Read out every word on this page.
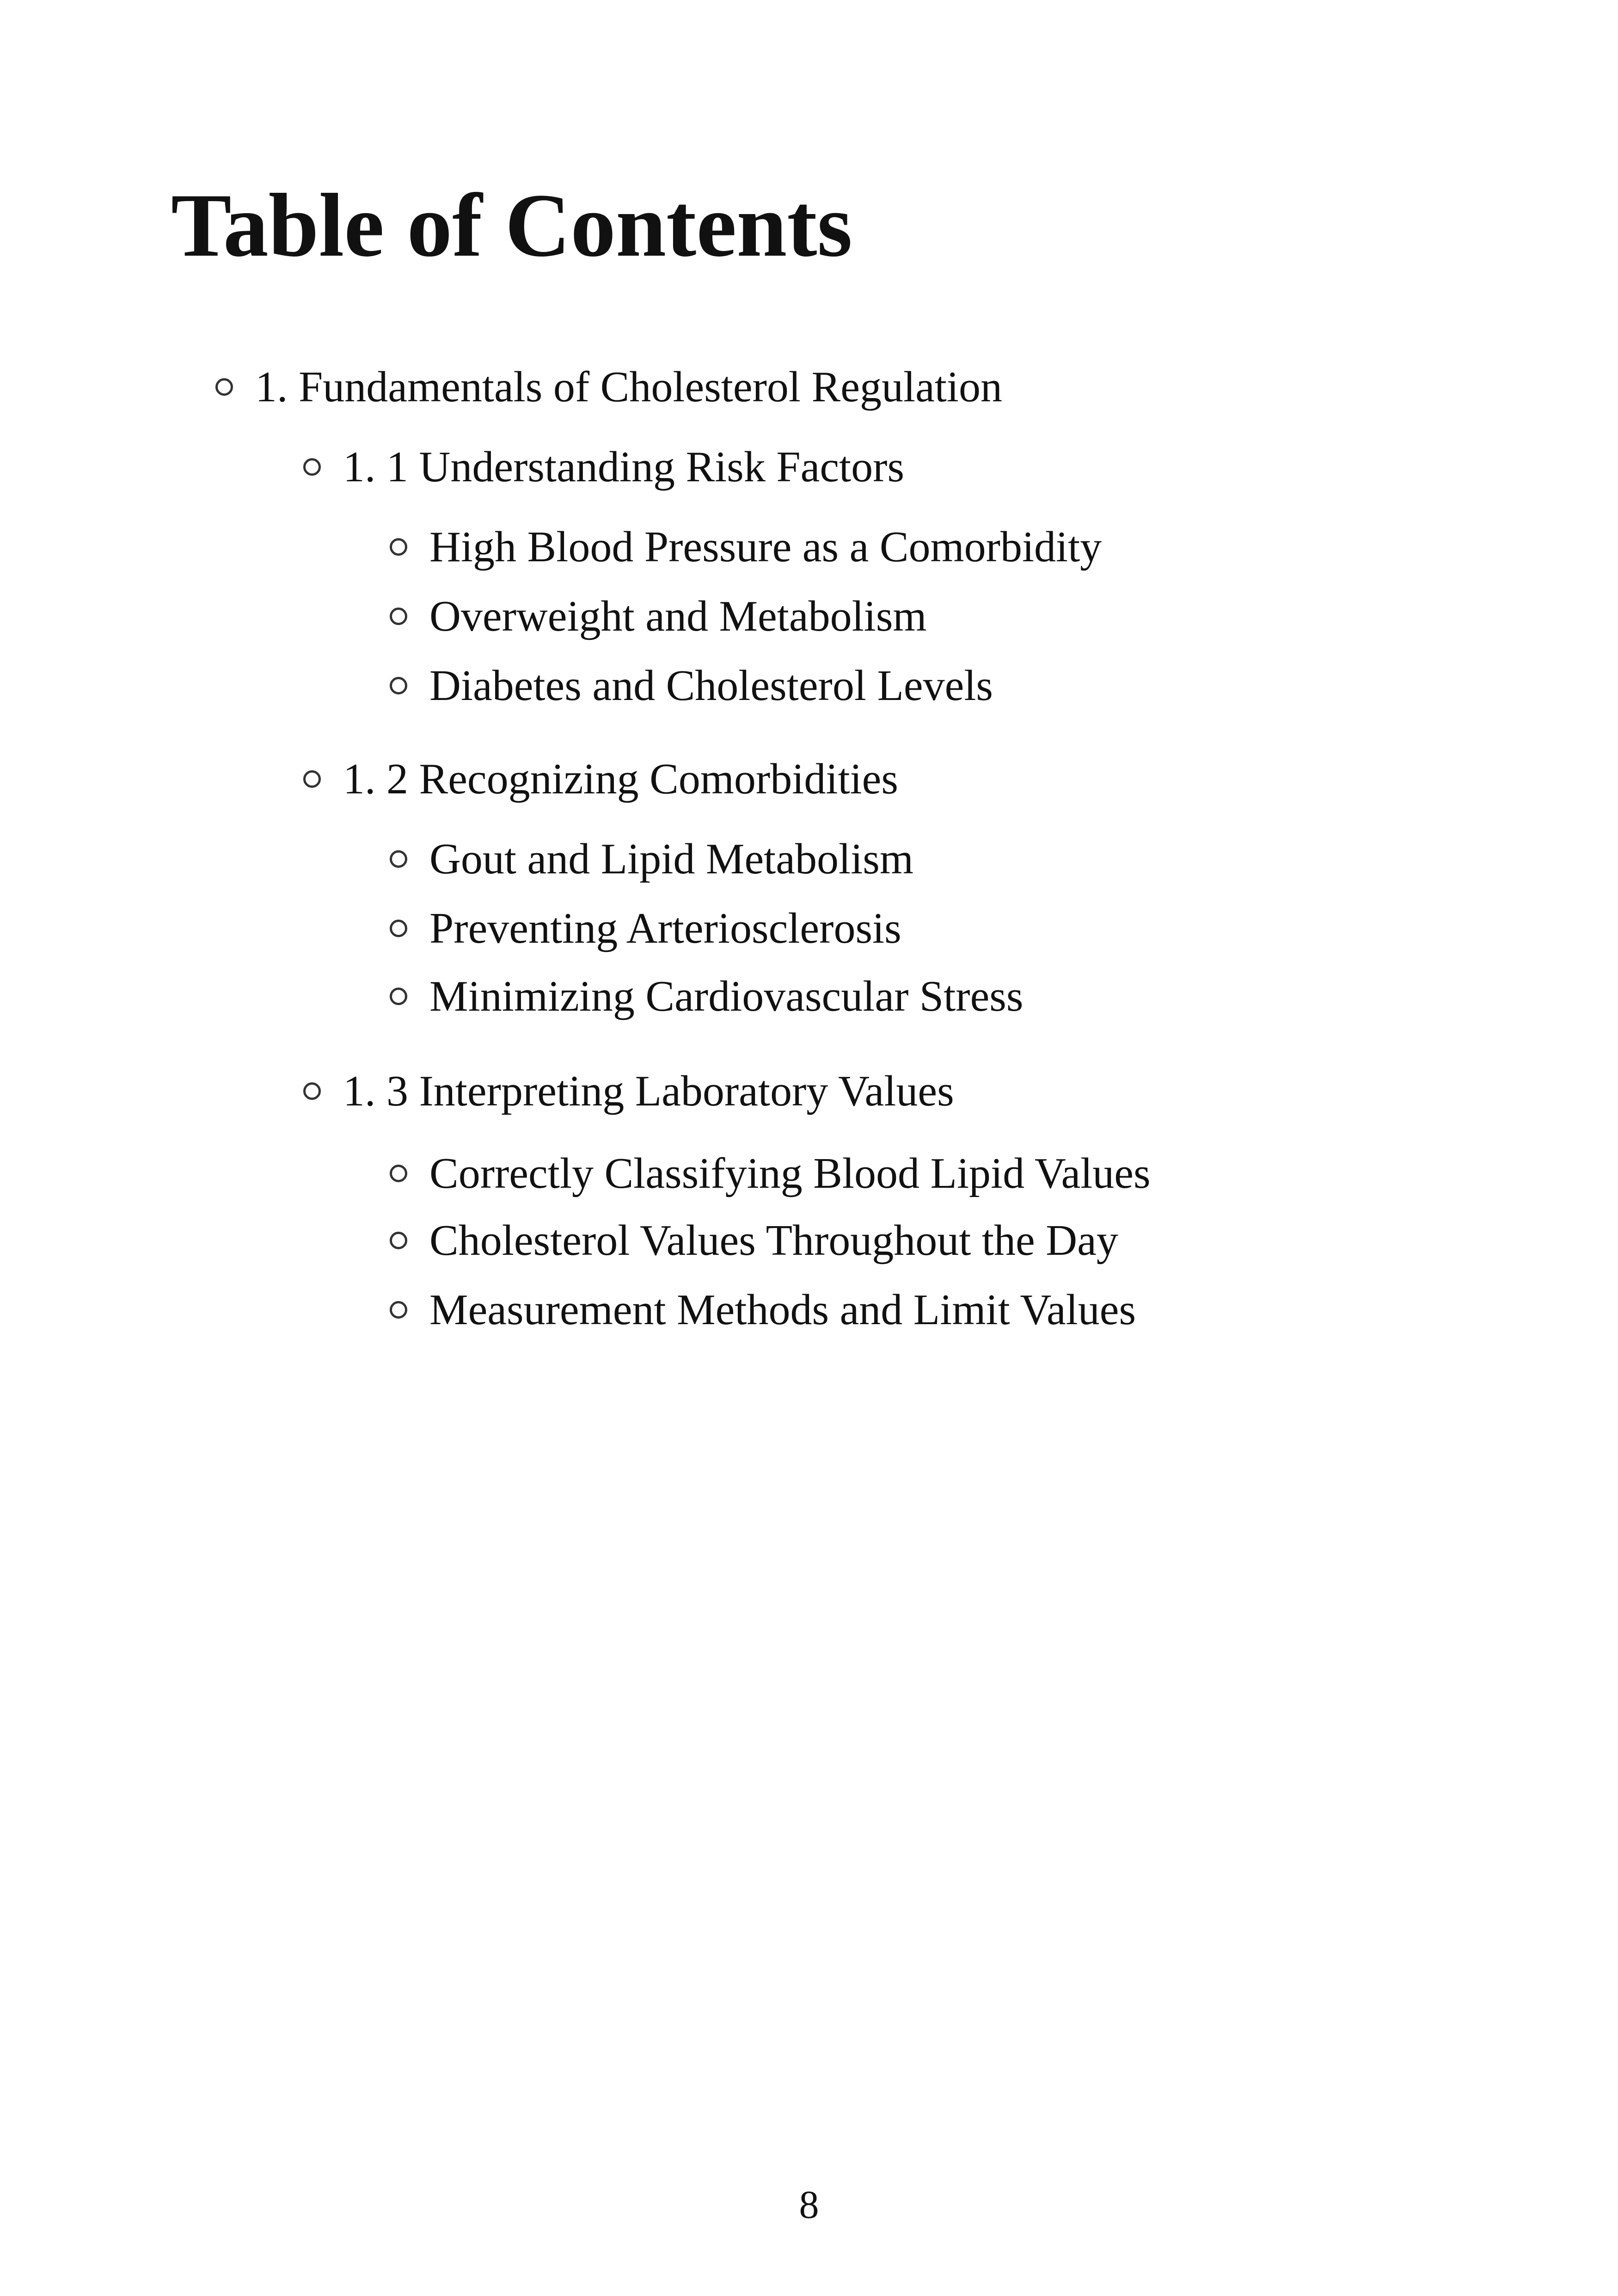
Table of Contents
1. Fundamentals of Cholesterol Regulation
1. 1 Understanding Risk Factors
High Blood Pressure as a Comorbidity
Overweight and Metabolism
Diabetes and Cholesterol Levels
1. 2 Recognizing Comorbidities
Gout and Lipid Metabolism
Preventing Arteriosclerosis
Minimizing Cardiovascular Stress
1. 3 Interpreting Laboratory Values
Correctly Classifying Blood Lipid Values
Cholesterol Values Throughout the Day
Measurement Methods and Limit Values
8
